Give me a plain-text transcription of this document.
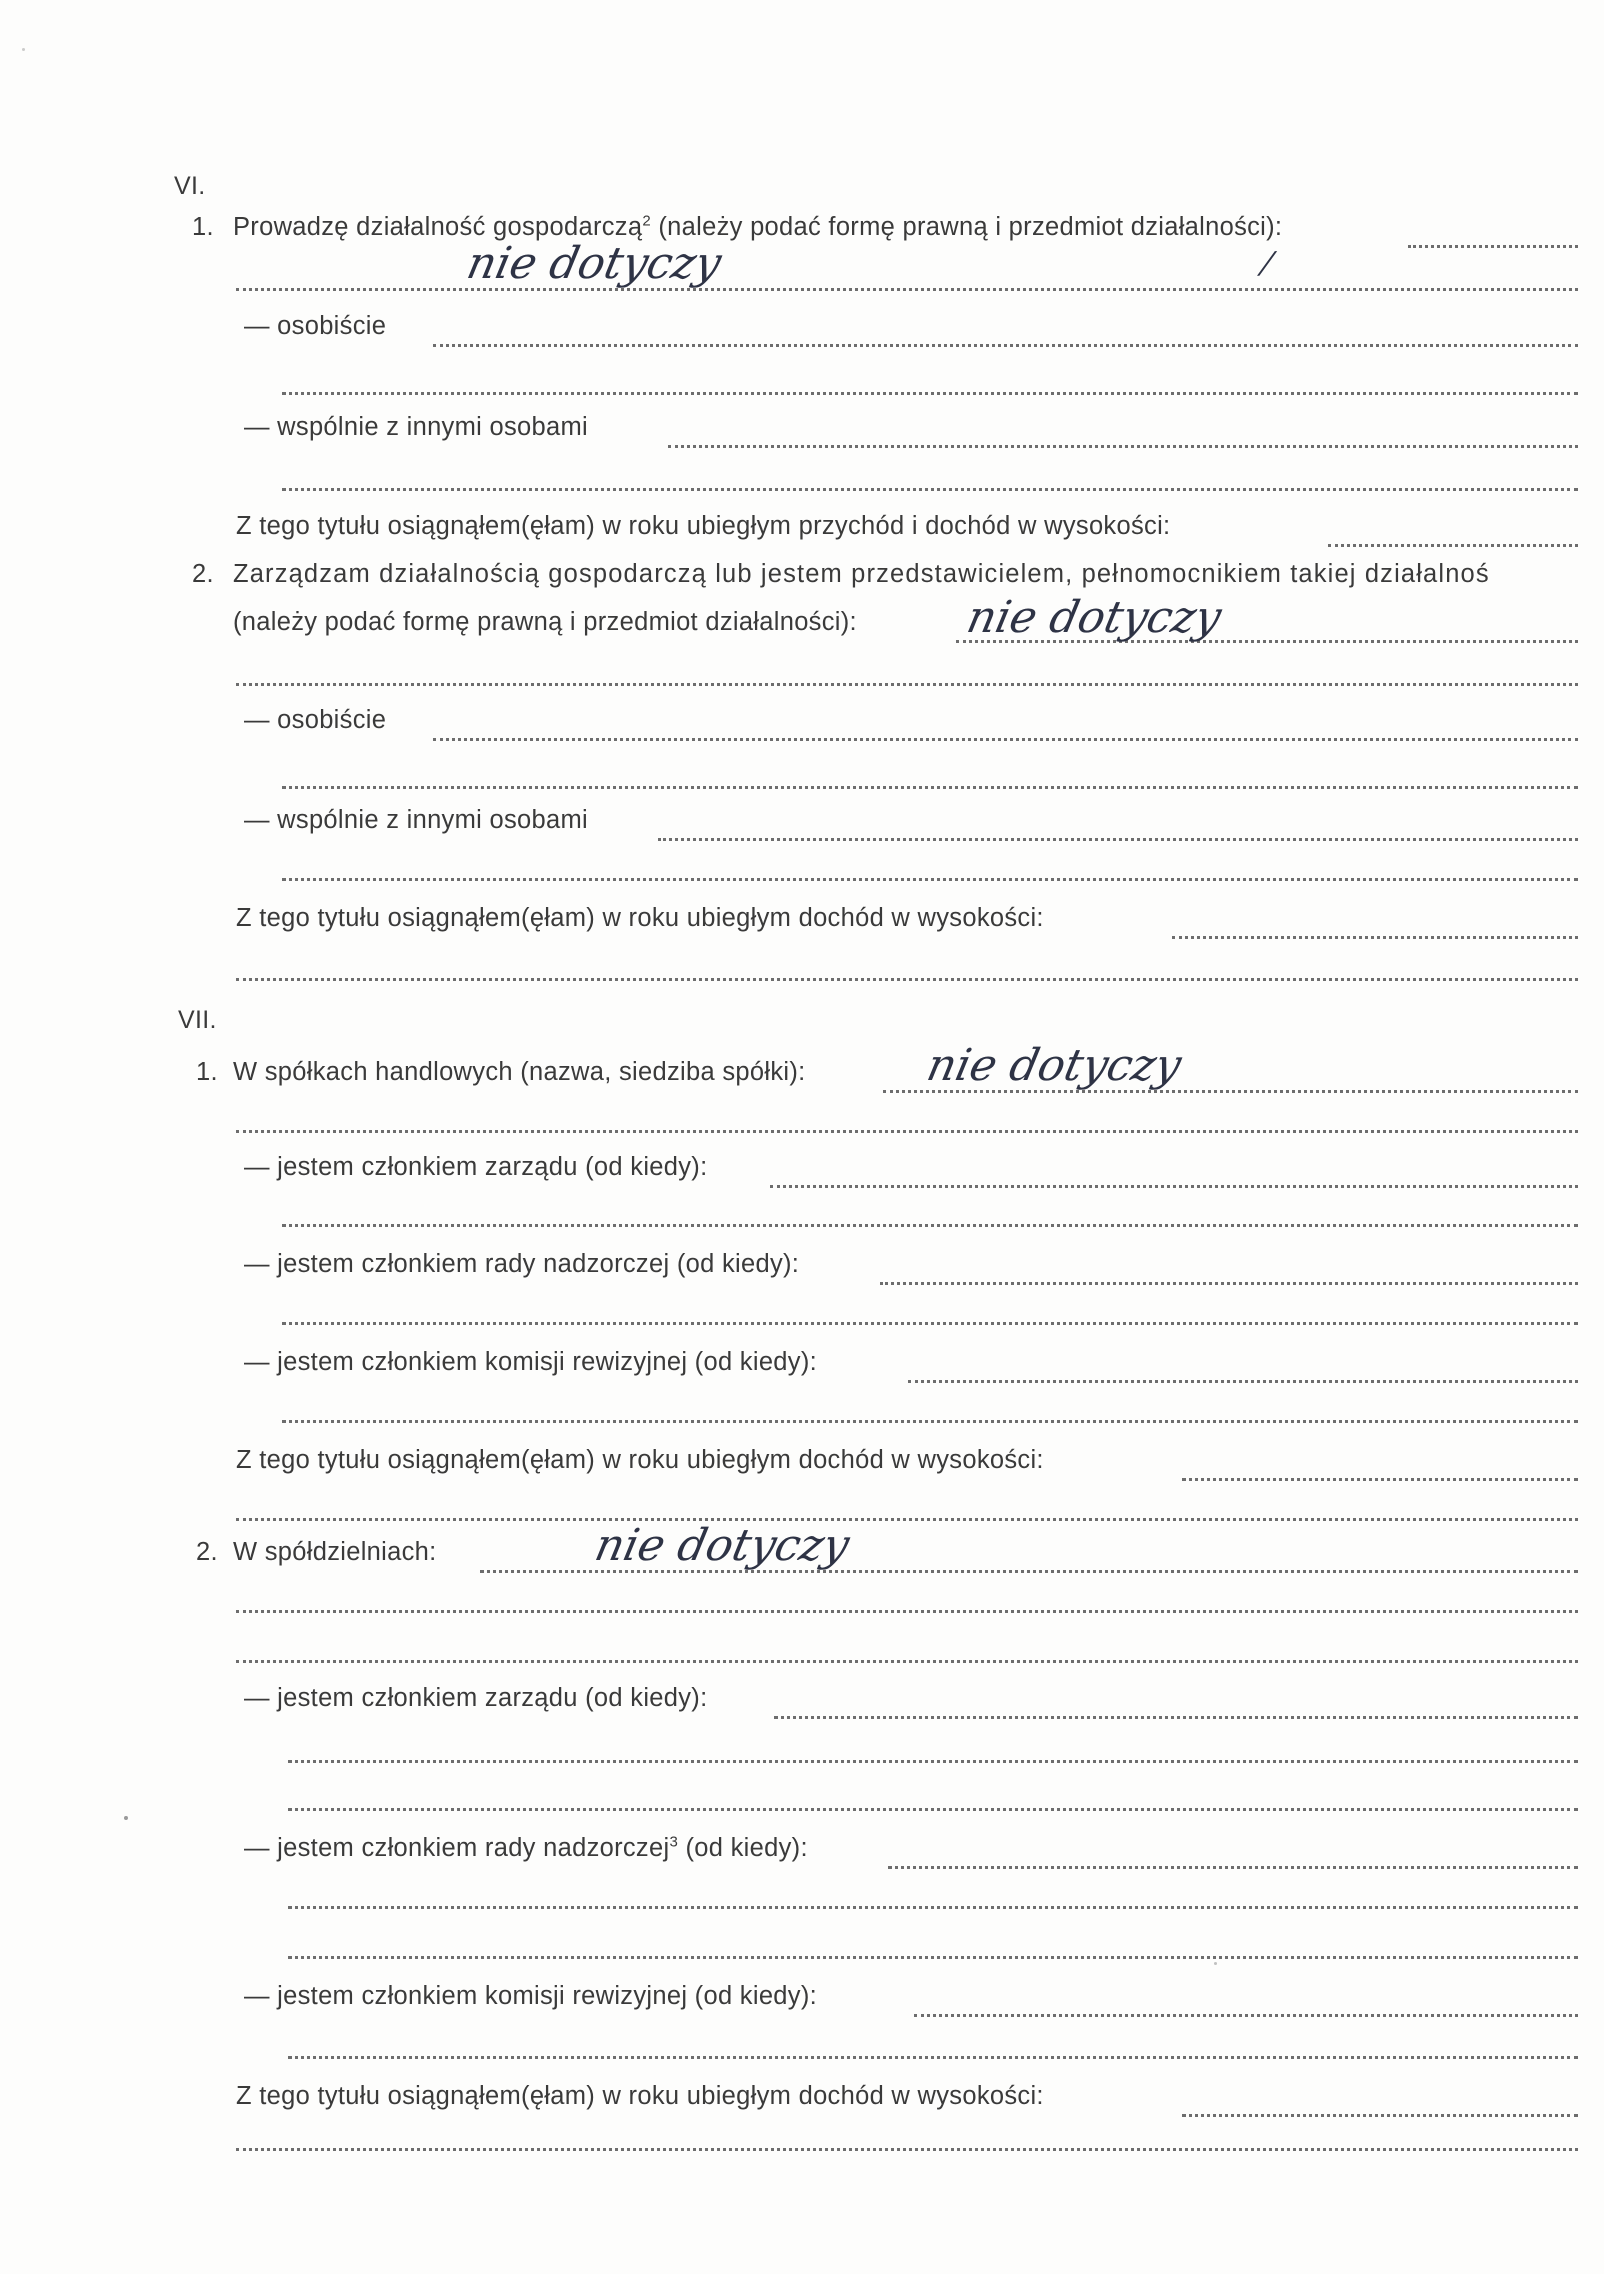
VI.
1. Prowadzę działalność gospodarczą$^2$ (należy podać formę prawną i przedmiot działalności):
nie dotyczy	/
— osobiście
— wspólnie z innymi osobami
Z tego tytułu osiągnąłem(ęłam) w roku ubiegłym przychód i dochód w wysokości:
2. Zarządzam działalnością gospodarczą lub jestem przedstawicielem, pełnomocnikiem takiej działalnoś
(należy podać formę prawną i przedmiot działalności): nie dotyczy
— osobiście
— wspólnie z innymi osobami
Z tego tytułu osiągnąłem(ęłam) w roku ubiegłym dochód w wysokości:
VII.
1. W spółkach handlowych (nazwa, siedziba spółki):	nie dotyczy
— jestem członkiem zarządu (od kiedy):
— jestem członkiem rady nadzorczej (od kiedy):
— jestem członkiem komisji rewizyjnej (od kiedy):
Z tego tytułu osiągnąłem(ęłam) w roku ubiegłym dochód w wysokości:
2. W spółdzielniach:	nie dotyczy
— jestem członkiem zarządu (od kiedy):
— jestem członkiem rady nadzorczej$^3$ (od kiedy):
— jestem członkiem komisji rewizyjnej (od kiedy):
Z tego tytułu osiągnąłem(ęłam) w roku ubiegłym dochód w wysokości:
